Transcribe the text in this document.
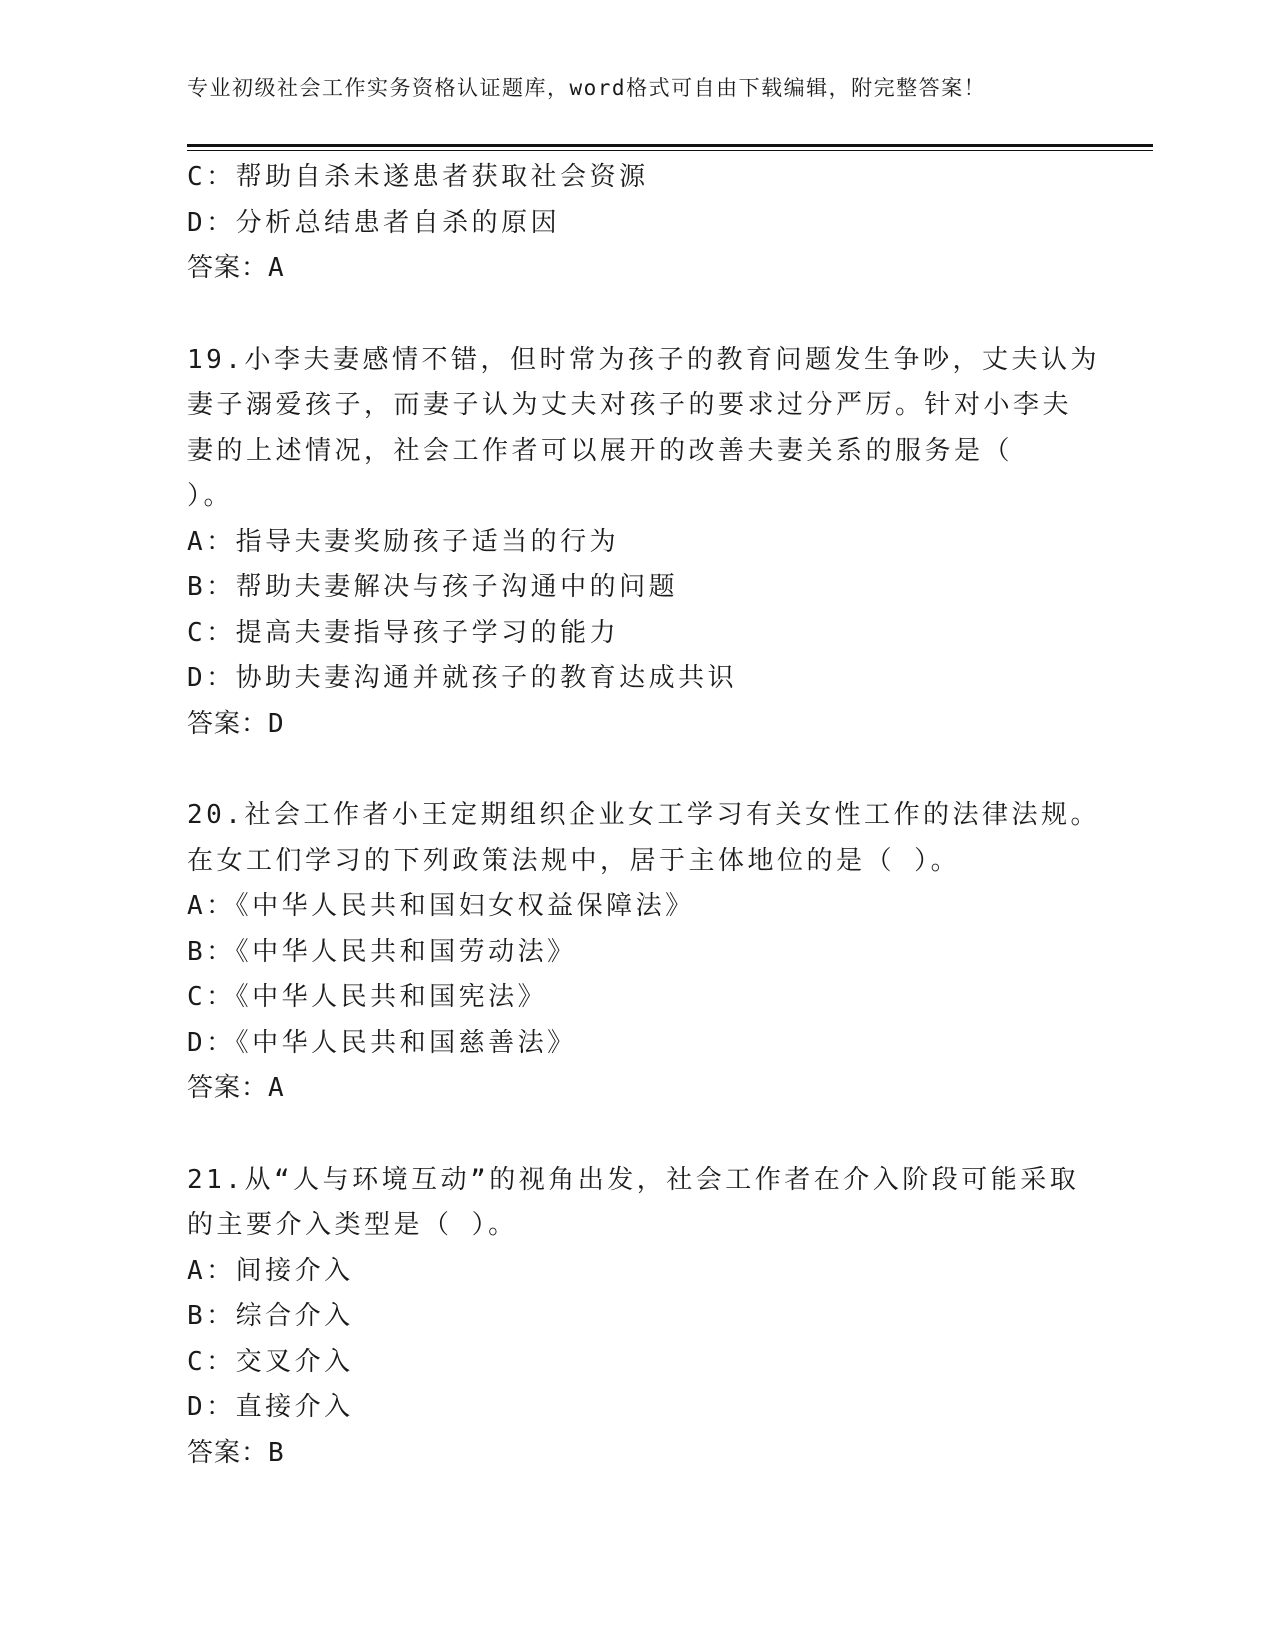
专业初级社会工作实务资格认证题库，word格式可自由下载编辑，附完整答案！
C：帮助自杀未遂患者获取社会资源
D：分析总结患者自杀的原因
答案：A
19.小李夫妻感情不错，但时常为孩子的教育问题发生争吵，丈夫认为
妻子溺爱孩子，而妻子认为丈夫对孩子的要求过分严厉。针对小李夫
妻的上述情况，社会工作者可以展开的改善夫妻关系的服务是（
）。
A：指导夫妻奖励孩子适当的行为
B：帮助夫妻解决与孩子沟通中的问题
C：提高夫妻指导孩子学习的能力
D：协助夫妻沟通并就孩子的教育达成共识
答案：D
20.社会工作者小王定期组织企业女工学习有关女性工作的法律法规。
在女工们学习的下列政策法规中，居于主体地位的是（ ）。
A：《中华人民共和国妇女权益保障法》
B：《中华人民共和国劳动法》
C：《中华人民共和国宪法》
D：《中华人民共和国慈善法》
答案：A
21.从“人与环境互动”的视角出发，社会工作者在介入阶段可能采取
的主要介入类型是（ ）。
A：间接介入
B：综合介入
C：交叉介入
D：直接介入
答案：B
